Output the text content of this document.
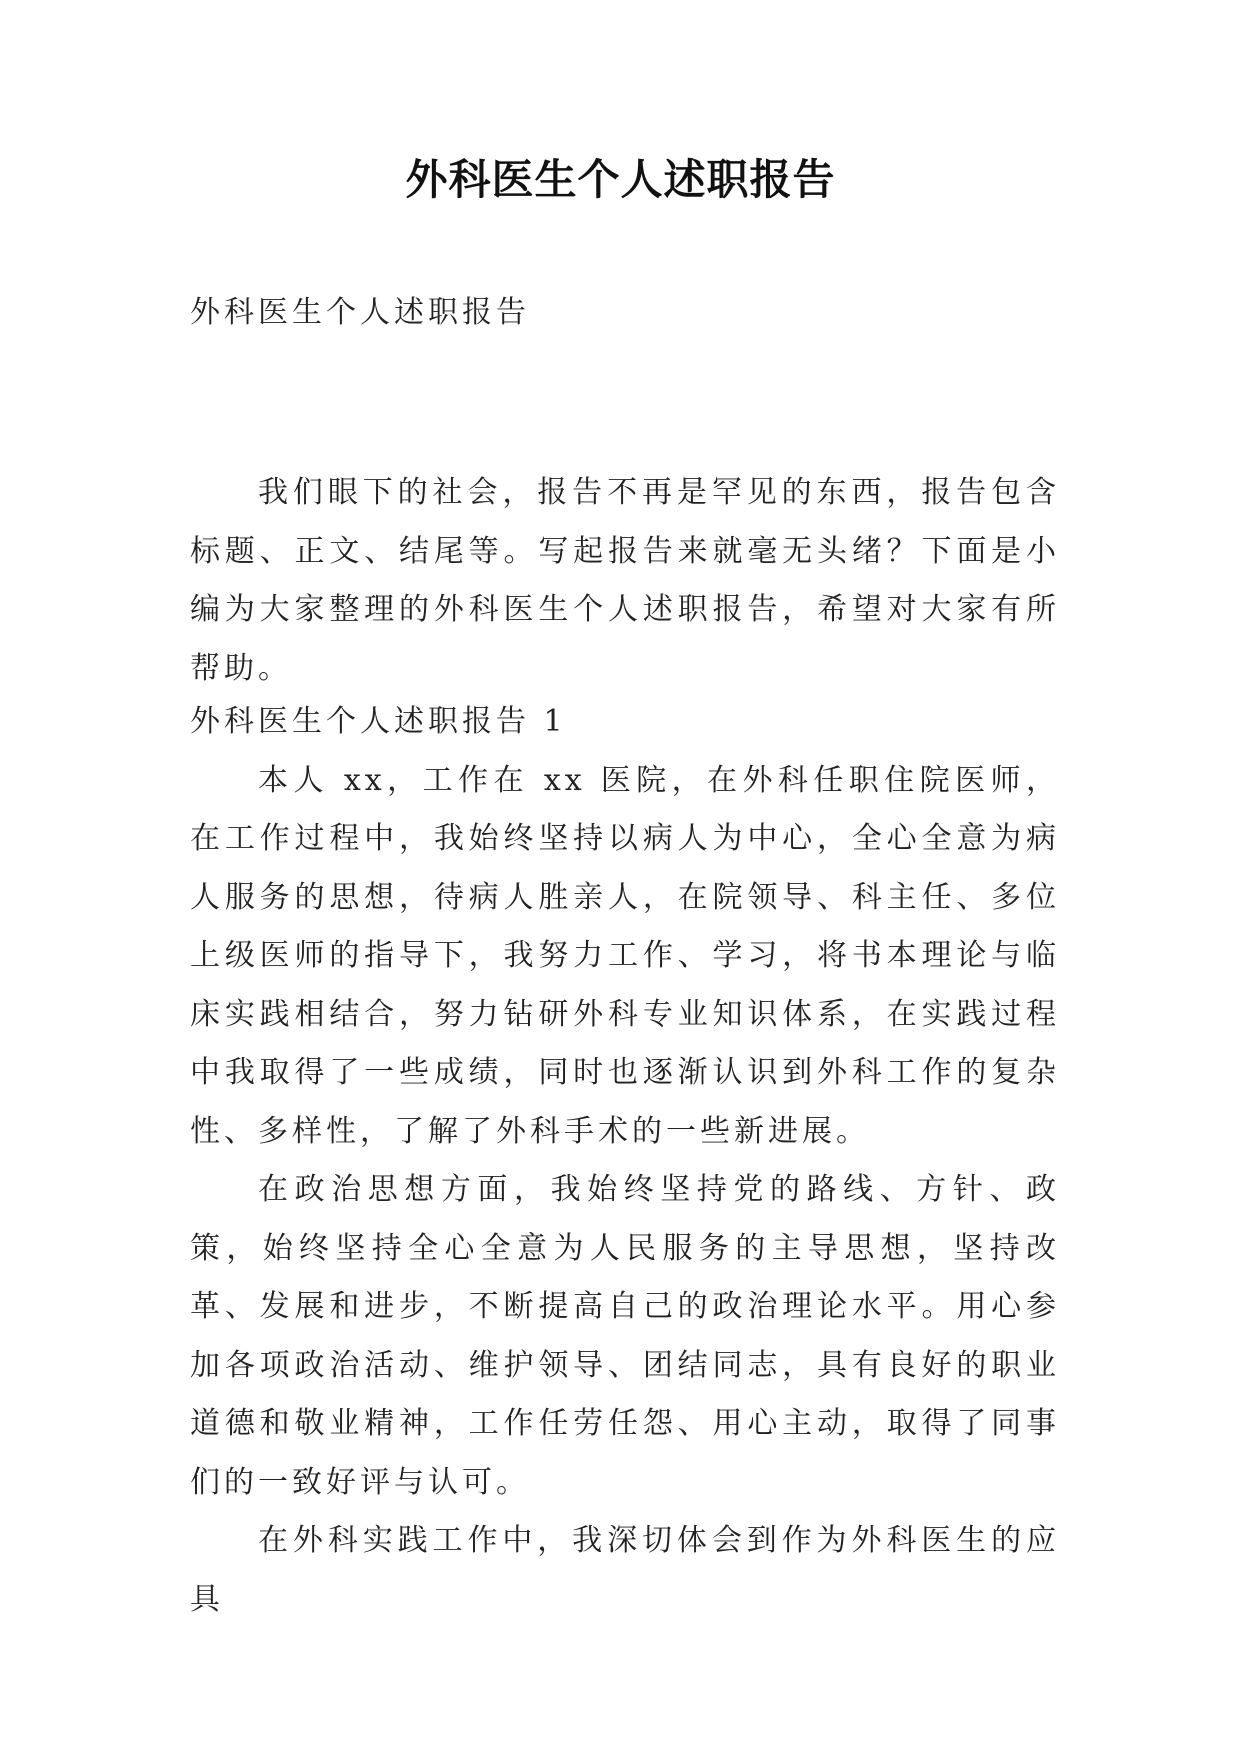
外科医生个人述职报告
外科医生个人述职报告

我们眼下的社会，报告不再是罕见的东西，报告包含标题、正文、结尾等。写起报告来就毫无头绪？下面是小编为大家整理的外科医生个人述职报告，希望对大家有所帮助。

外科医生个人述职报告 1

本人 xx，工作在 xx 医院，在外科任职住院医师，在工作过程中，我始终坚持以病人为中心，全心全意为病人服务的思想，待病人胜亲人，在院领导、科主任、多位上级医师的指导下，我努力工作、学习，将书本理论与临床实践相结合，努力钻研外科专业知识体系，在实践过程中我取得了一些成绩，同时也逐渐认识到外科工作的复杂性、多样性，了解了外科手术的一些新进展。

在政治思想方面，我始终坚持党的路线、方针、政策，始终坚持全心全意为人民服务的主导思想，坚持改革、发展和进步，不断提高自己的政治理论水平。用心参加各项政治活动、维护领导、团结同志，具有良好的职业道德和敬业精神，工作任劳任怨、用心主动，取得了同事们的一致好评与认可。

在外科实践工作中，我深切体会到作为外科医生的应具
